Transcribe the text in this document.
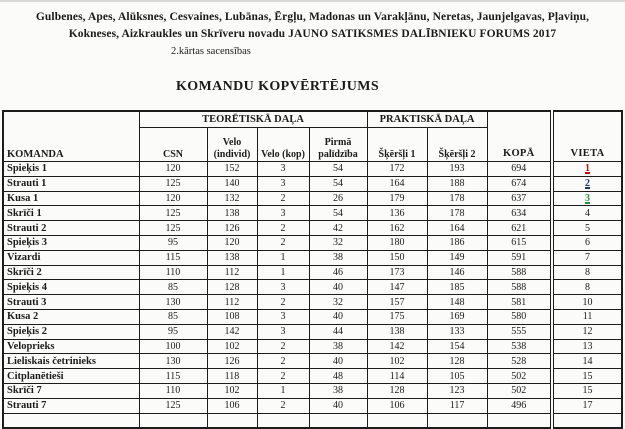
Gulbenes, Apes, Alūksnes, Cesvaines, Lubānas, Ērgļu, Madonas un Varakļānu, Neretas, Jaunjelgavas, Pļaviņu,
Kokneses, Aizkraukles un Skrīveru novadu JAUNO SATIKSMES DALĪBNIEKU FORUMS 2017
2.kārtas sacensības
KOMANDU KOPVĒRTĒJUMS
KOMANDA	TEORĒTISKĀ DAĻA				PRAKTISKĀ DAĻA		KOPĀ	VIETA
	CSN	Velo (individ)	Velo (kop)	Pirmā palīdzība	Šķēršļi 1	Šķēršļi 2		
Spieķis 1	120	152	3	54	172	193	694	1
Strauti 1	125	140	3	54	164	188	674	2
Kusa 1	120	132	2	26	179	178	637	3
Skrīči 1	125	138	3	54	136	178	634	4
Strauti 2	125	126	2	42	162	164	621	5
Spieķis 3	95	120	2	32	180	186	615	6
Vizardi	115	138	1	38	150	149	591	7
Skrīči 2	110	112	1	46	173	146	588	8
Spieķis 4	85	128	3	40	147	185	588	8
Strauti 3	130	112	2	32	157	148	581	10
Kusa 2	85	108	3	40	175	169	580	11
Spieķis 2	95	142	3	44	138	133	555	12
Veloprieks	100	102	2	38	142	154	538	13
Lieliskais četrinieks	130	126	2	40	102	128	528	14
Citplanētieši	115	118	2	48	114	105	502	15
Skrīči 7	110	102	1	38	128	123	502	15
Strauti 7	125	106	2	40	106	117	496	17
